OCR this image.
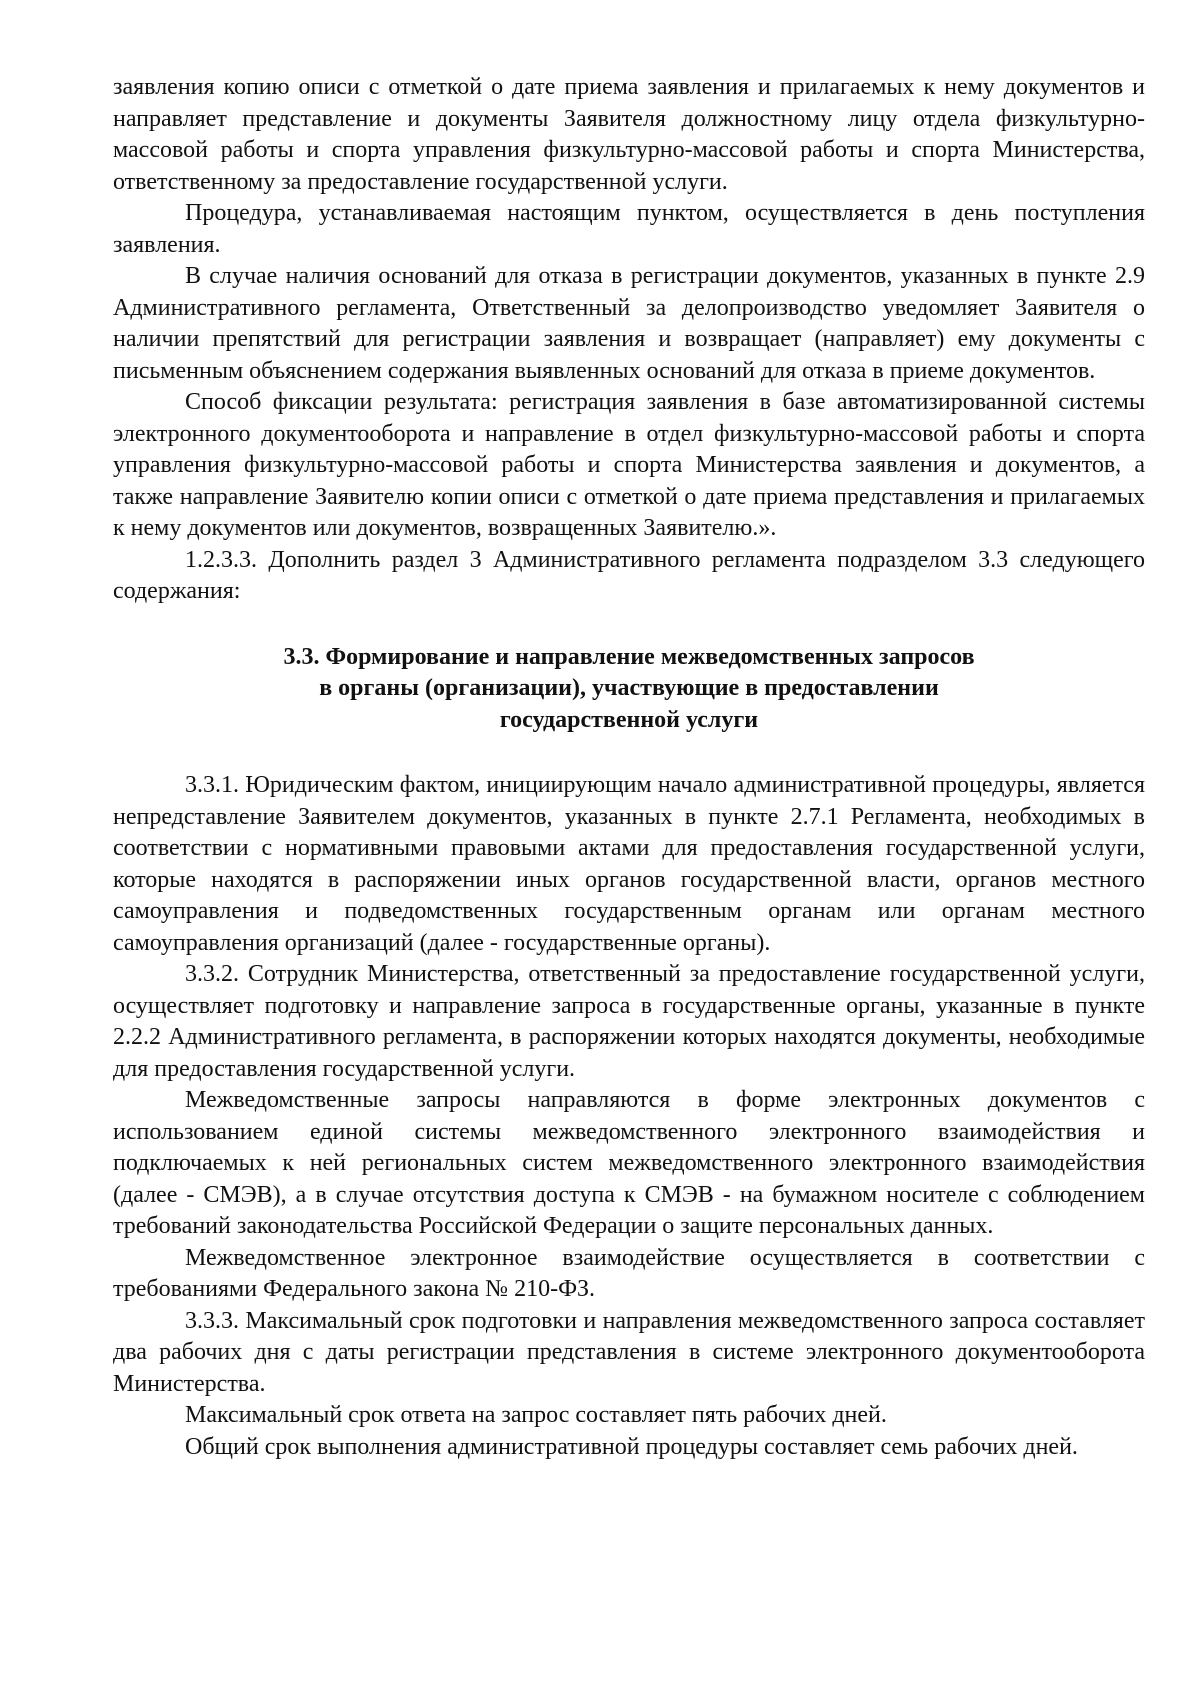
заявления копию описи с отметкой о дате приема заявления и прилагаемых к нему документов и направляет представление и документы Заявителя должностному лицу отдела физкультурно-массовой работы и спорта управления физкультурно-массовой работы и спорта Министерства, ответственному за предоставление государственной услуги.

Процедура, устанавливаемая настоящим пунктом, осуществляется в день поступления заявления.

В случае наличия оснований для отказа в регистрации документов, указанных в пункте 2.9 Административного регламента, Ответственный за делопроизводство уведомляет Заявителя о наличии препятствий для регистрации заявления и возвращает (направляет) ему документы с письменным объяснением содержания выявленных оснований для отказа в приеме документов.

Способ фиксации результата: регистрация заявления в базе автоматизированной системы электронного документооборота и направление в отдел физкультурно-массовой работы и спорта управления физкультурно-массовой работы и спорта Министерства заявления и документов, а также направление Заявителю копии описи с отметкой о дате приема представления и прилагаемых к нему документов или документов, возвращенных Заявителю.».

1.2.3.3. Дополнить раздел 3 Административного регламента подразделом 3.3 следующего содержания:

3.3. Формирование и направление межведомственных запросов
в органы (организации), участвующие в предоставлении
государственной услуги

3.3.1. Юридическим фактом, инициирующим начало административной процедуры, является непредставление Заявителем документов, указанных в пункте 2.7.1 Регламента, необходимых в соответствии с нормативными правовыми актами для предоставления государственной услуги, которые находятся в распоряжении иных органов государственной власти, органов местного самоуправления и подведомственных государственным органам или органам местного самоуправления организаций (далее - государственные органы).

3.3.2. Сотрудник Министерства, ответственный за предоставление государственной услуги, осуществляет подготовку и направление запроса в государственные органы, указанные в пункте 2.2.2 Административного регламента, в распоряжении которых находятся документы, необходимые для предоставления государственной услуги.

Межведомственные запросы направляются в форме электронных документов с использованием единой системы межведомственного электронного взаимодействия и подключаемых к ней региональных систем межведомственного электронного взаимодействия (далее - СМЭВ), а в случае отсутствия доступа к СМЭВ - на бумажном носителе с соблюдением требований законодательства Российской Федерации о защите персональных данных.

Межведомственное электронное взаимодействие осуществляется в соответствии с требованиями Федерального закона № 210-ФЗ.

3.3.3. Максимальный срок подготовки и направления межведомственного запроса составляет два рабочих дня с даты регистрации представления в системе электронного документооборота Министерства.

Максимальный срок ответа на запрос составляет пять рабочих дней.

Общий срок выполнения административной процедуры составляет семь рабочих дней.
